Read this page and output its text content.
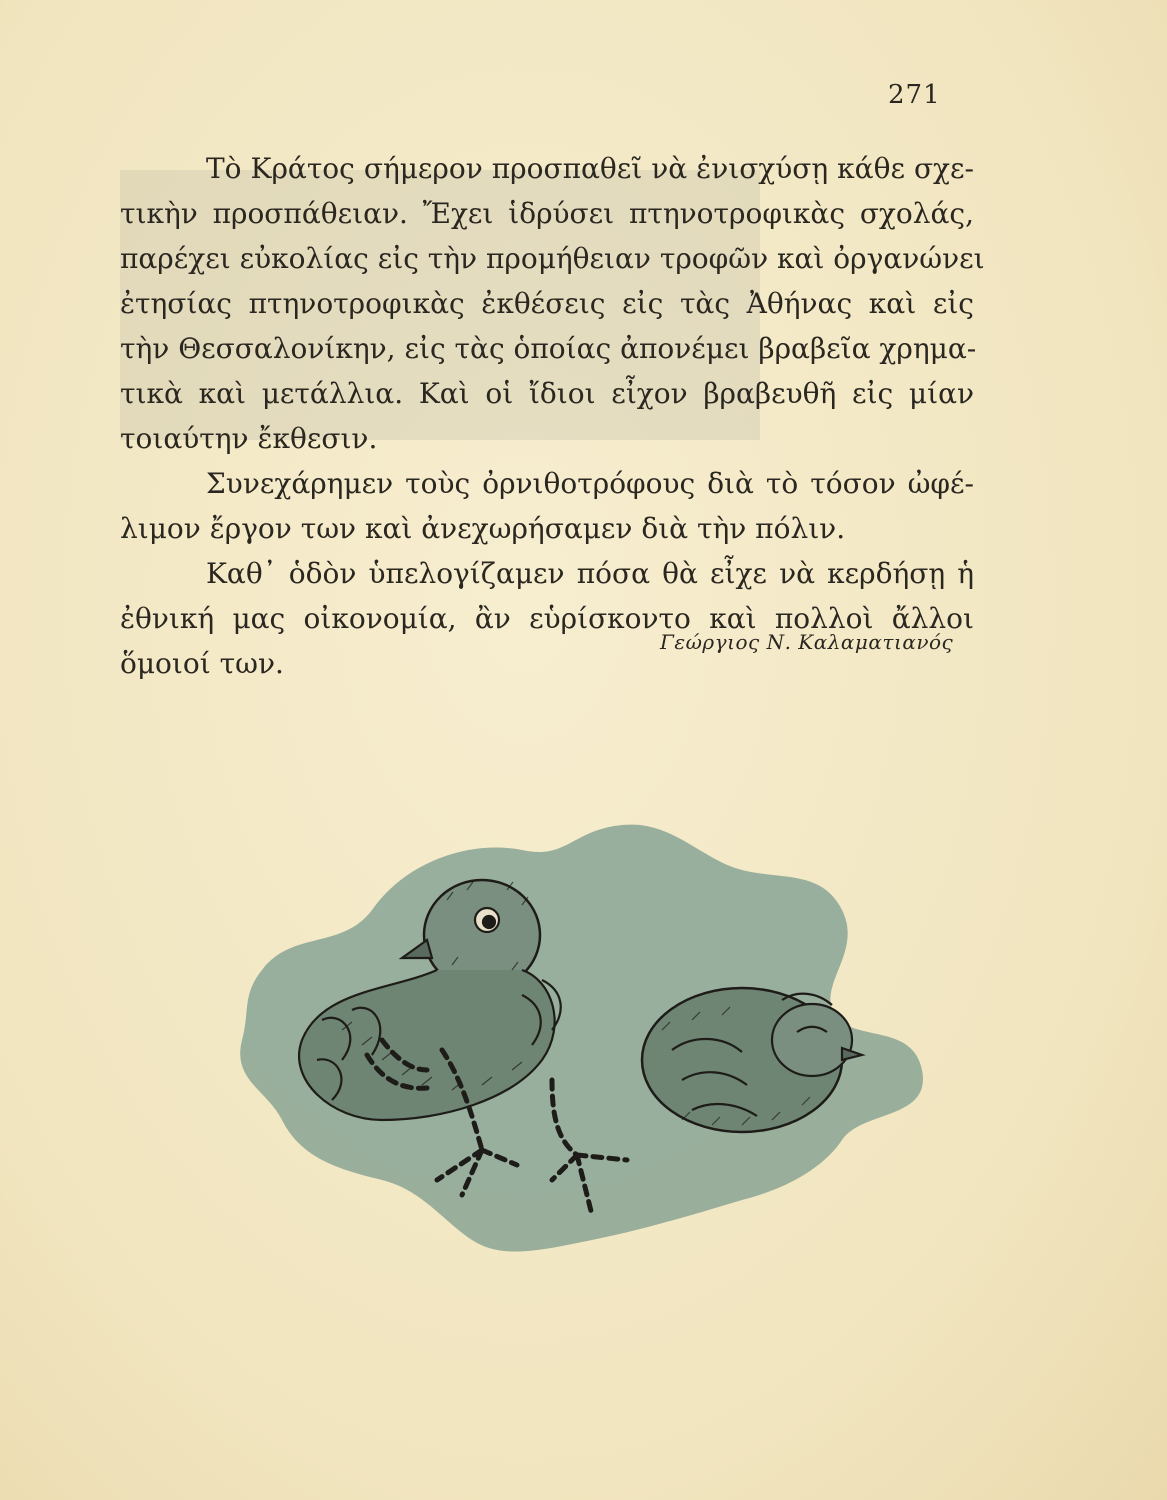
271

Τὸ Κράτος σήμερον προσπαθεῖ νὰ ἐνισχύσῃ κάθε σχε-
τικὴν προσπάθειαν. Ἔχει ἱδρύσει πτηνοτροφικὰς σχολάς,
παρέχει εὐκολίας εἰς τὴν προμήθειαν τροφῶν καὶ ὀργανώνει
ἐτησίας πτηνοτροφικὰς ἐκθέσεις εἰς τὰς Ἀθήνας καὶ εἰς
τὴν Θεσσαλονίκην, εἰς τὰς ὁποίας ἀπονέμει βραβεῖα χρημα-
τικὰ καὶ μετάλλια. Καὶ οἱ ἴδιοι εἶχον βραβευθῆ εἰς μίαν
τοιαύτην ἔκθεσιν.

Συνεχάρημεν τοὺς ὀρνιθοτρόφους διὰ τὸ τόσον ὠφέ-
λιμον ἔργον των καὶ ἀνεχωρήσαμεν διὰ τὴν πόλιν.

Καθ᾽ ὁδὸν ὑπελογίζαμεν πόσα θὰ εἶχε νὰ κερδήσῃ ἡ
ἐθνική μας οἰκονομία, ἂν εὑρίσκοντο καὶ πολλοὶ ἄλλοι
ὅμοιοί των.

Γεώργιος Ν. Καλαματιανός
